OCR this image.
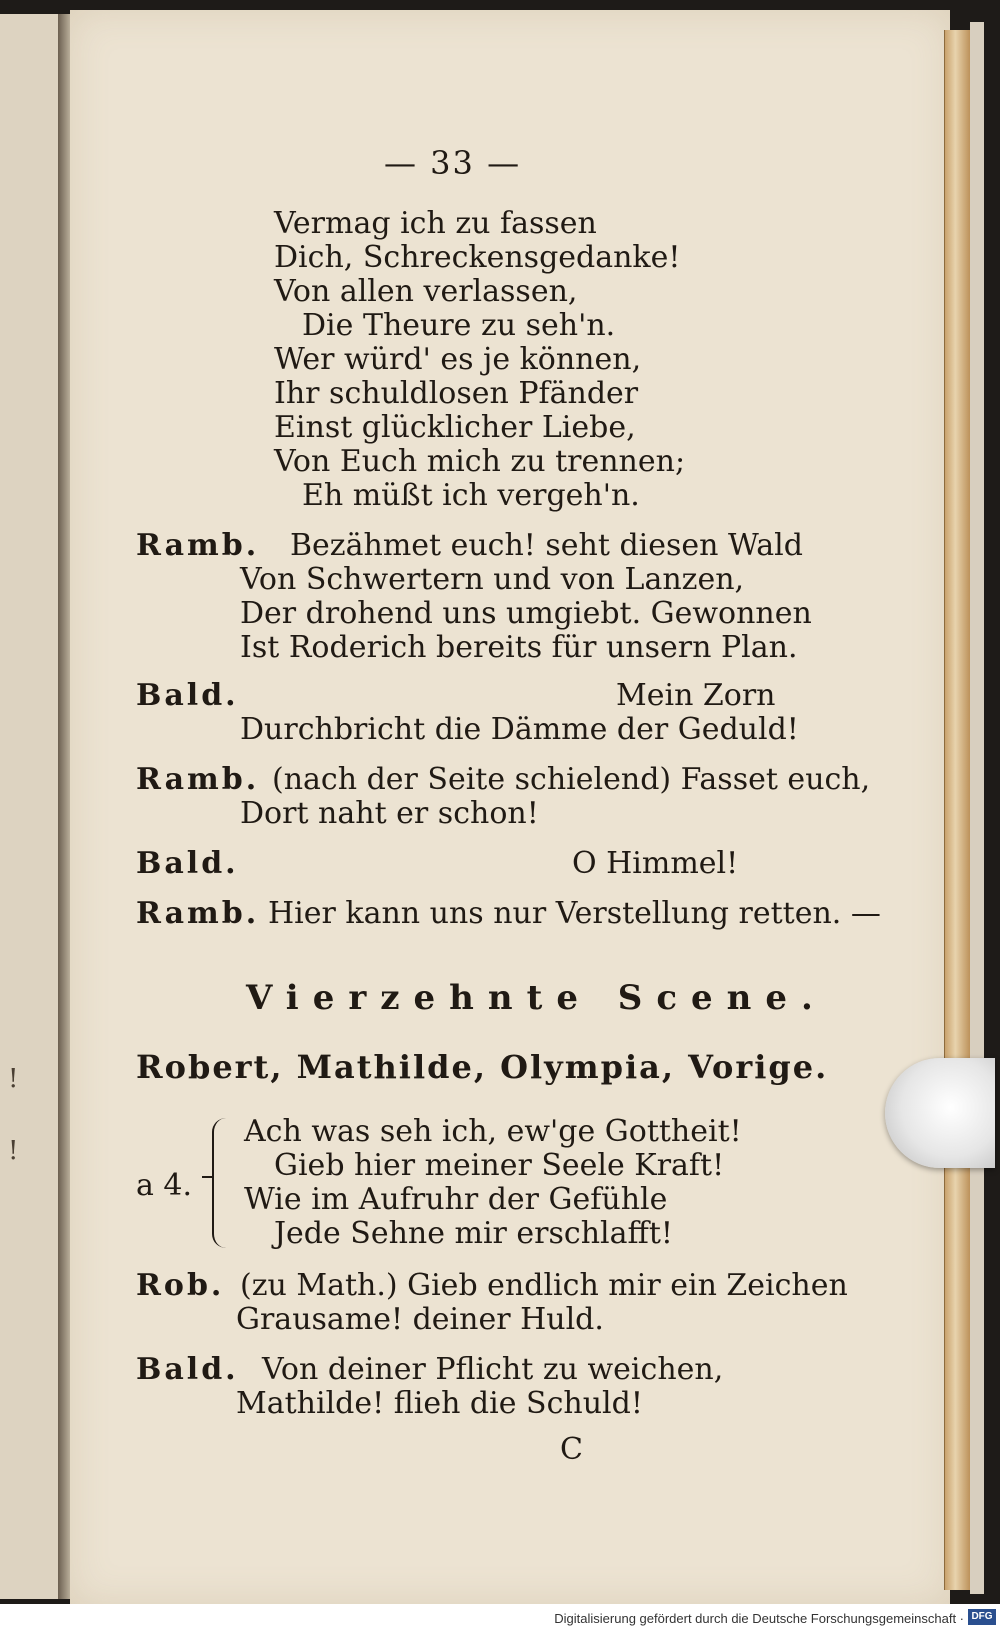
!
!
— 33 —
Vermag ich zu fassen
Dich, Schreckensgedanke!
Von allen verlassen,
Die Theure zu seh'n.
Wer würd' es je können,
Ihr schuldlosen Pfänder
Einst glücklicher Liebe,
Von Euch mich zu trennen;
Eh müßt ich vergeh'n.
Ramb. Bezähmet euch! seht diesen Wald
Von Schwertern und von Lanzen,
Der drohend uns umgiebt. Gewonnen
Ist Roderich bereits für unsern Plan.
Bald.	Mein Zorn
Durchbricht die Dämme der Geduld!
Ramb. (nach der Seite schielend) Fasset euch,
Dort naht er schon!
Bald.	O Himmel!
Ramb. Hier kann uns nur Verstellung retten. —
Vierzehnte Scene.
Robert, Mathilde, Olympia, Vorige.
a 4.
Ach was seh ich, ew'ge Gottheit!
Gieb hier meiner Seele Kraft!
Wie im Aufruhr der Gefühle
Jede Sehne mir erschlafft!
Rob. (zu Math.) Gieb endlich mir ein Zeichen
Grausame! deiner Huld.
Bald. Von deiner Pflicht zu weichen,
Mathilde! flieh die Schuld!
C
Digitalisierung gefördert durch die Deutsche Forschungsgemeinschaft · DFG
